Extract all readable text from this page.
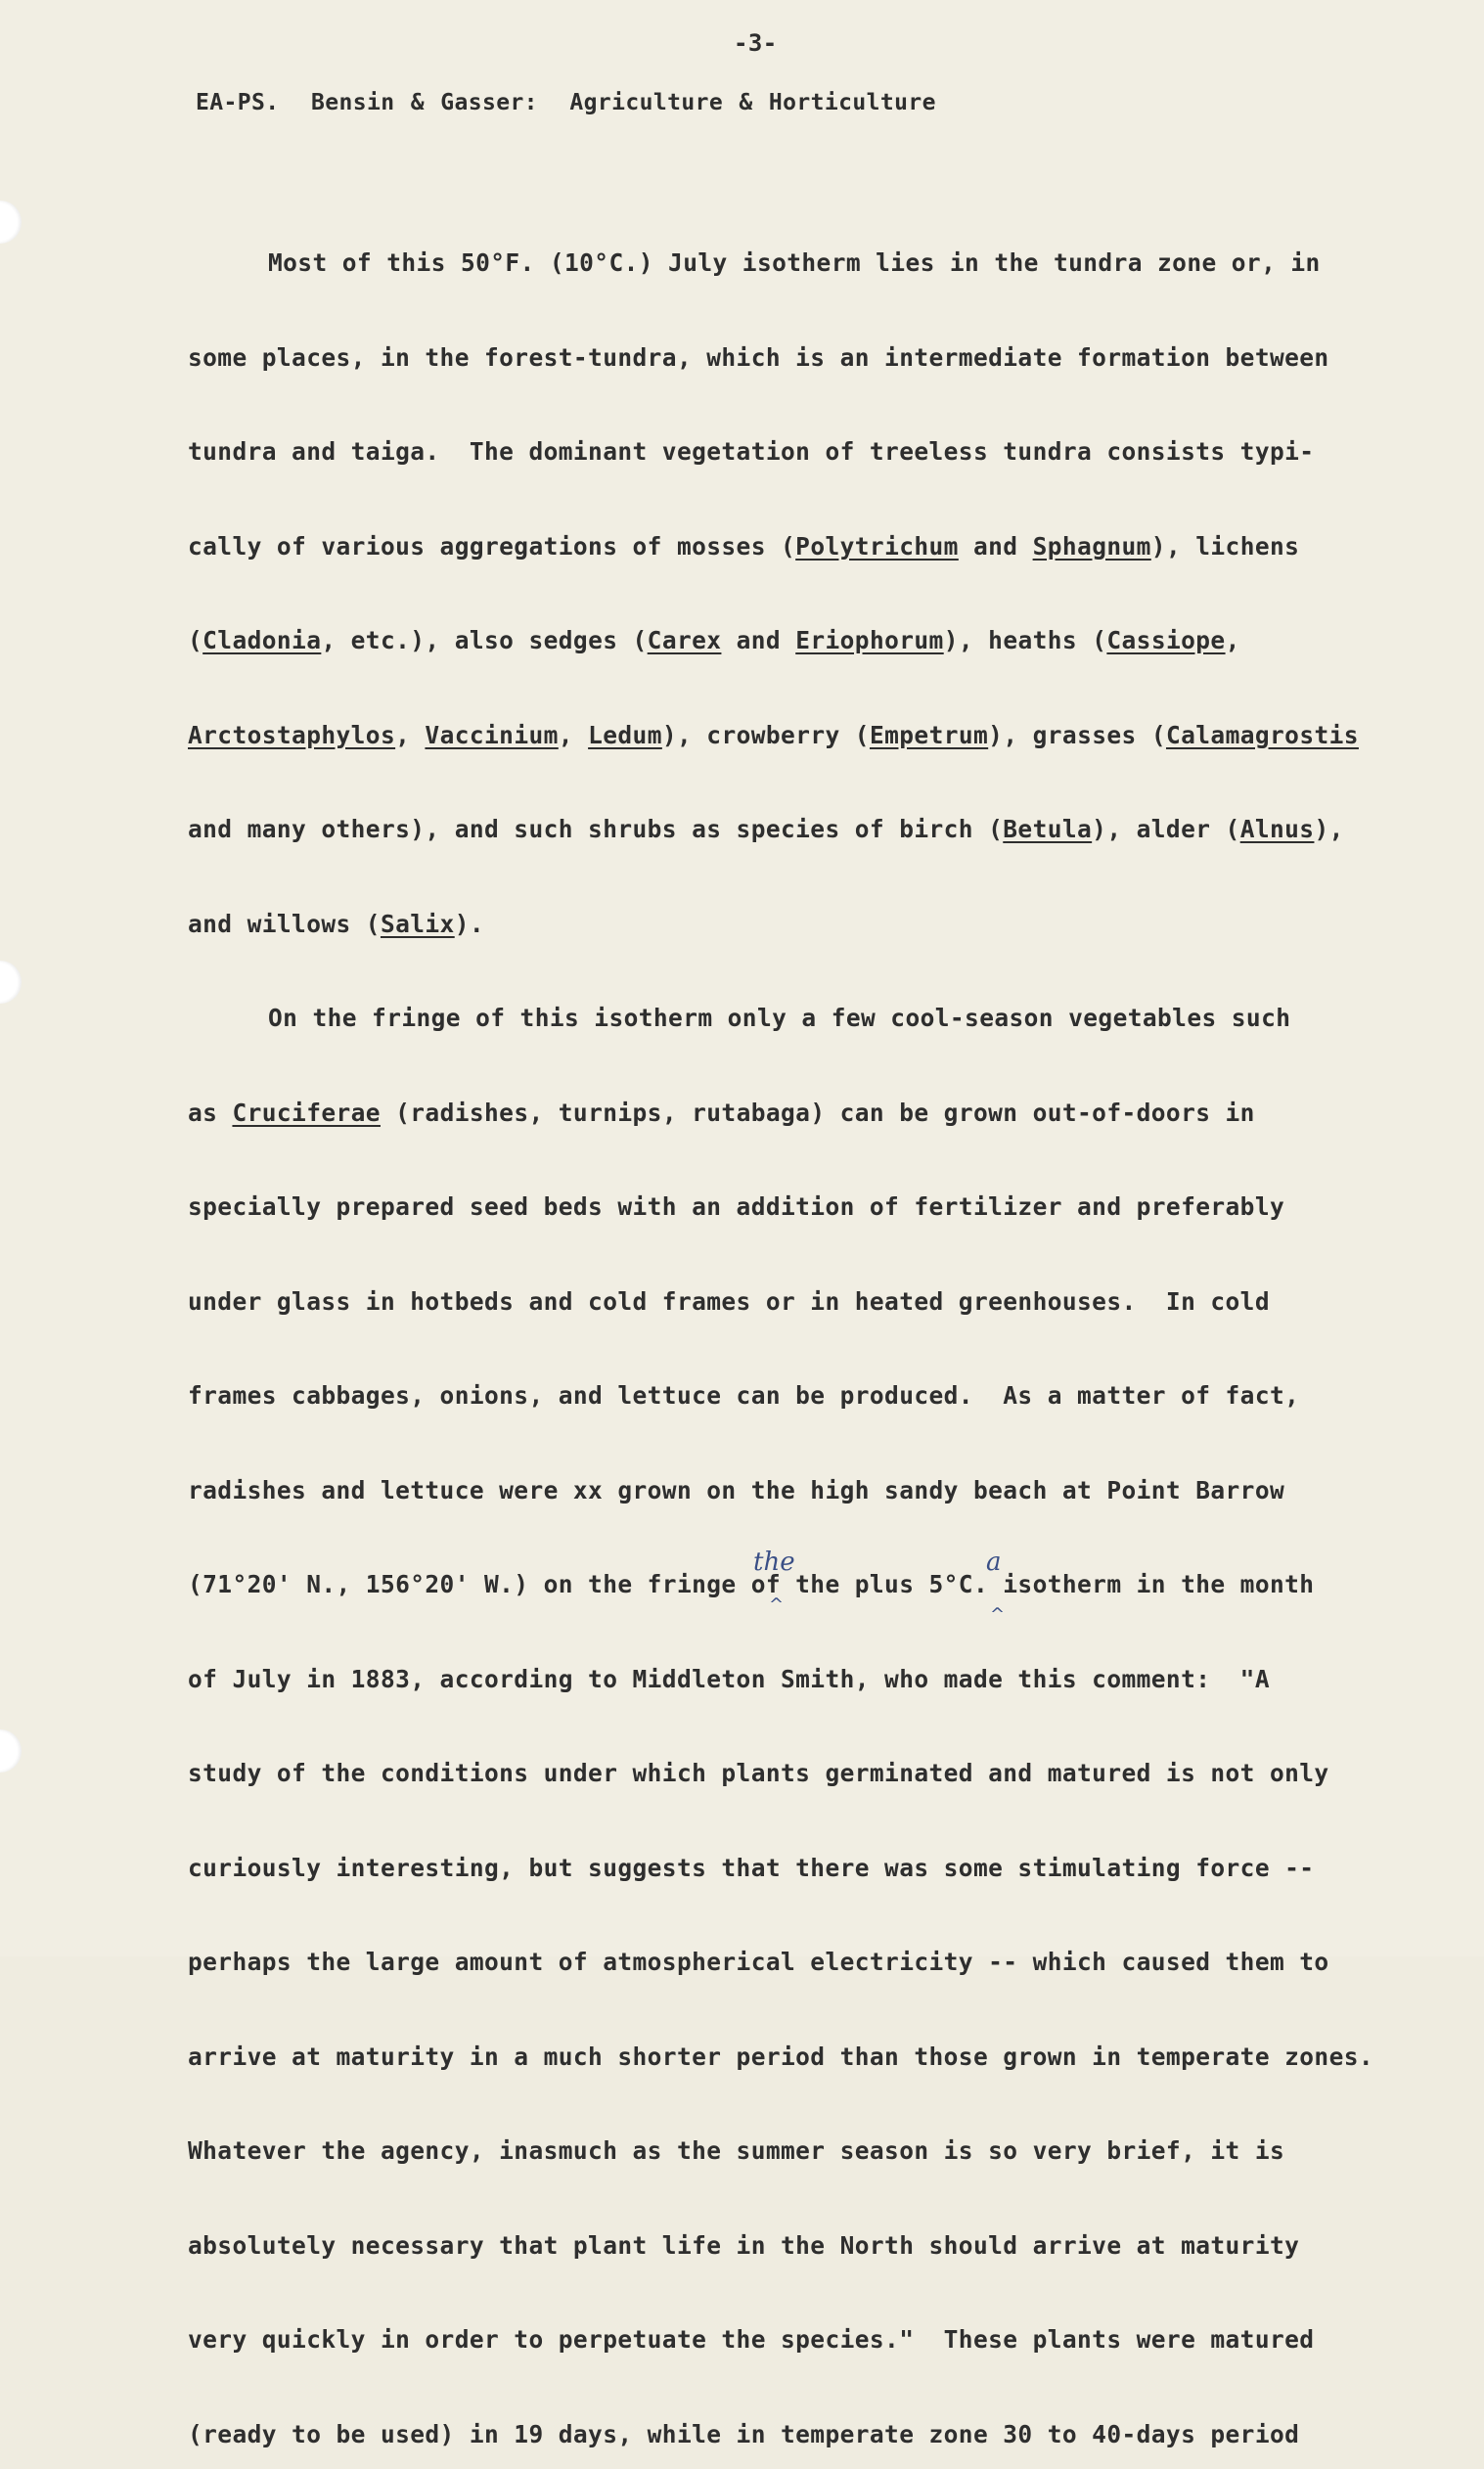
-3-
EA-PS.  Bensin & Gasser:  Agriculture & Horticulture

Most of this 50°F. (10°C.) July isotherm lies in the tundra zone or, in

some places, in the forest-tundra, which is an intermediate formation between

tundra and taiga.  The dominant vegetation of treeless tundra consists typi-

cally of various aggregations of mosses (Polytrichum and Sphagnum), lichens

(Cladonia, etc.), also sedges (Carex and Eriophorum), heaths (Cassiope,

Arctostaphylos, Vaccinium, Ledum), crowberry (Empetrum), grasses (Calamagrostis

and many others), and such shrubs as species of birch (Betula), alder (Alnus),

and willows (Salix).

On the fringe of this isotherm only a few cool-season vegetables such

as Cruciferae (radishes, turnips, rutabaga) can be grown out-of-doors in

specially prepared seed beds with an addition of fertilizer and preferably

under glass in hotbeds and cold frames or in heated greenhouses.  In cold

frames cabbages, onions, and lettuce can be produced.  As a matter of fact,

radishes and lettuce were xx grown on the high sandy beach at Point Barrow

(71°20' N., 156°20' W.) on the fringe of the plus 5°C. isotherm in the month

of July in 1883, according to Middleton Smith, who made this comment:  "A

study of the conditions under which plants germinated and matured is not only

curiously interesting, but suggests that there was some stimulating force --

perhaps the large amount of atmospherical electricity -- which caused them to

arrive at maturity in a much shorter period than those grown in temperate zones.

Whatever the agency, inasmuch as the summer season is so very brief, it is

absolutely necessary that plant life in the North should arrive at maturity

very quickly in order to perpetuate the species."  These plants were matured

(ready to be used) in 19 days, while in temperate zone 30 to 40-days period
the
^
a
^
